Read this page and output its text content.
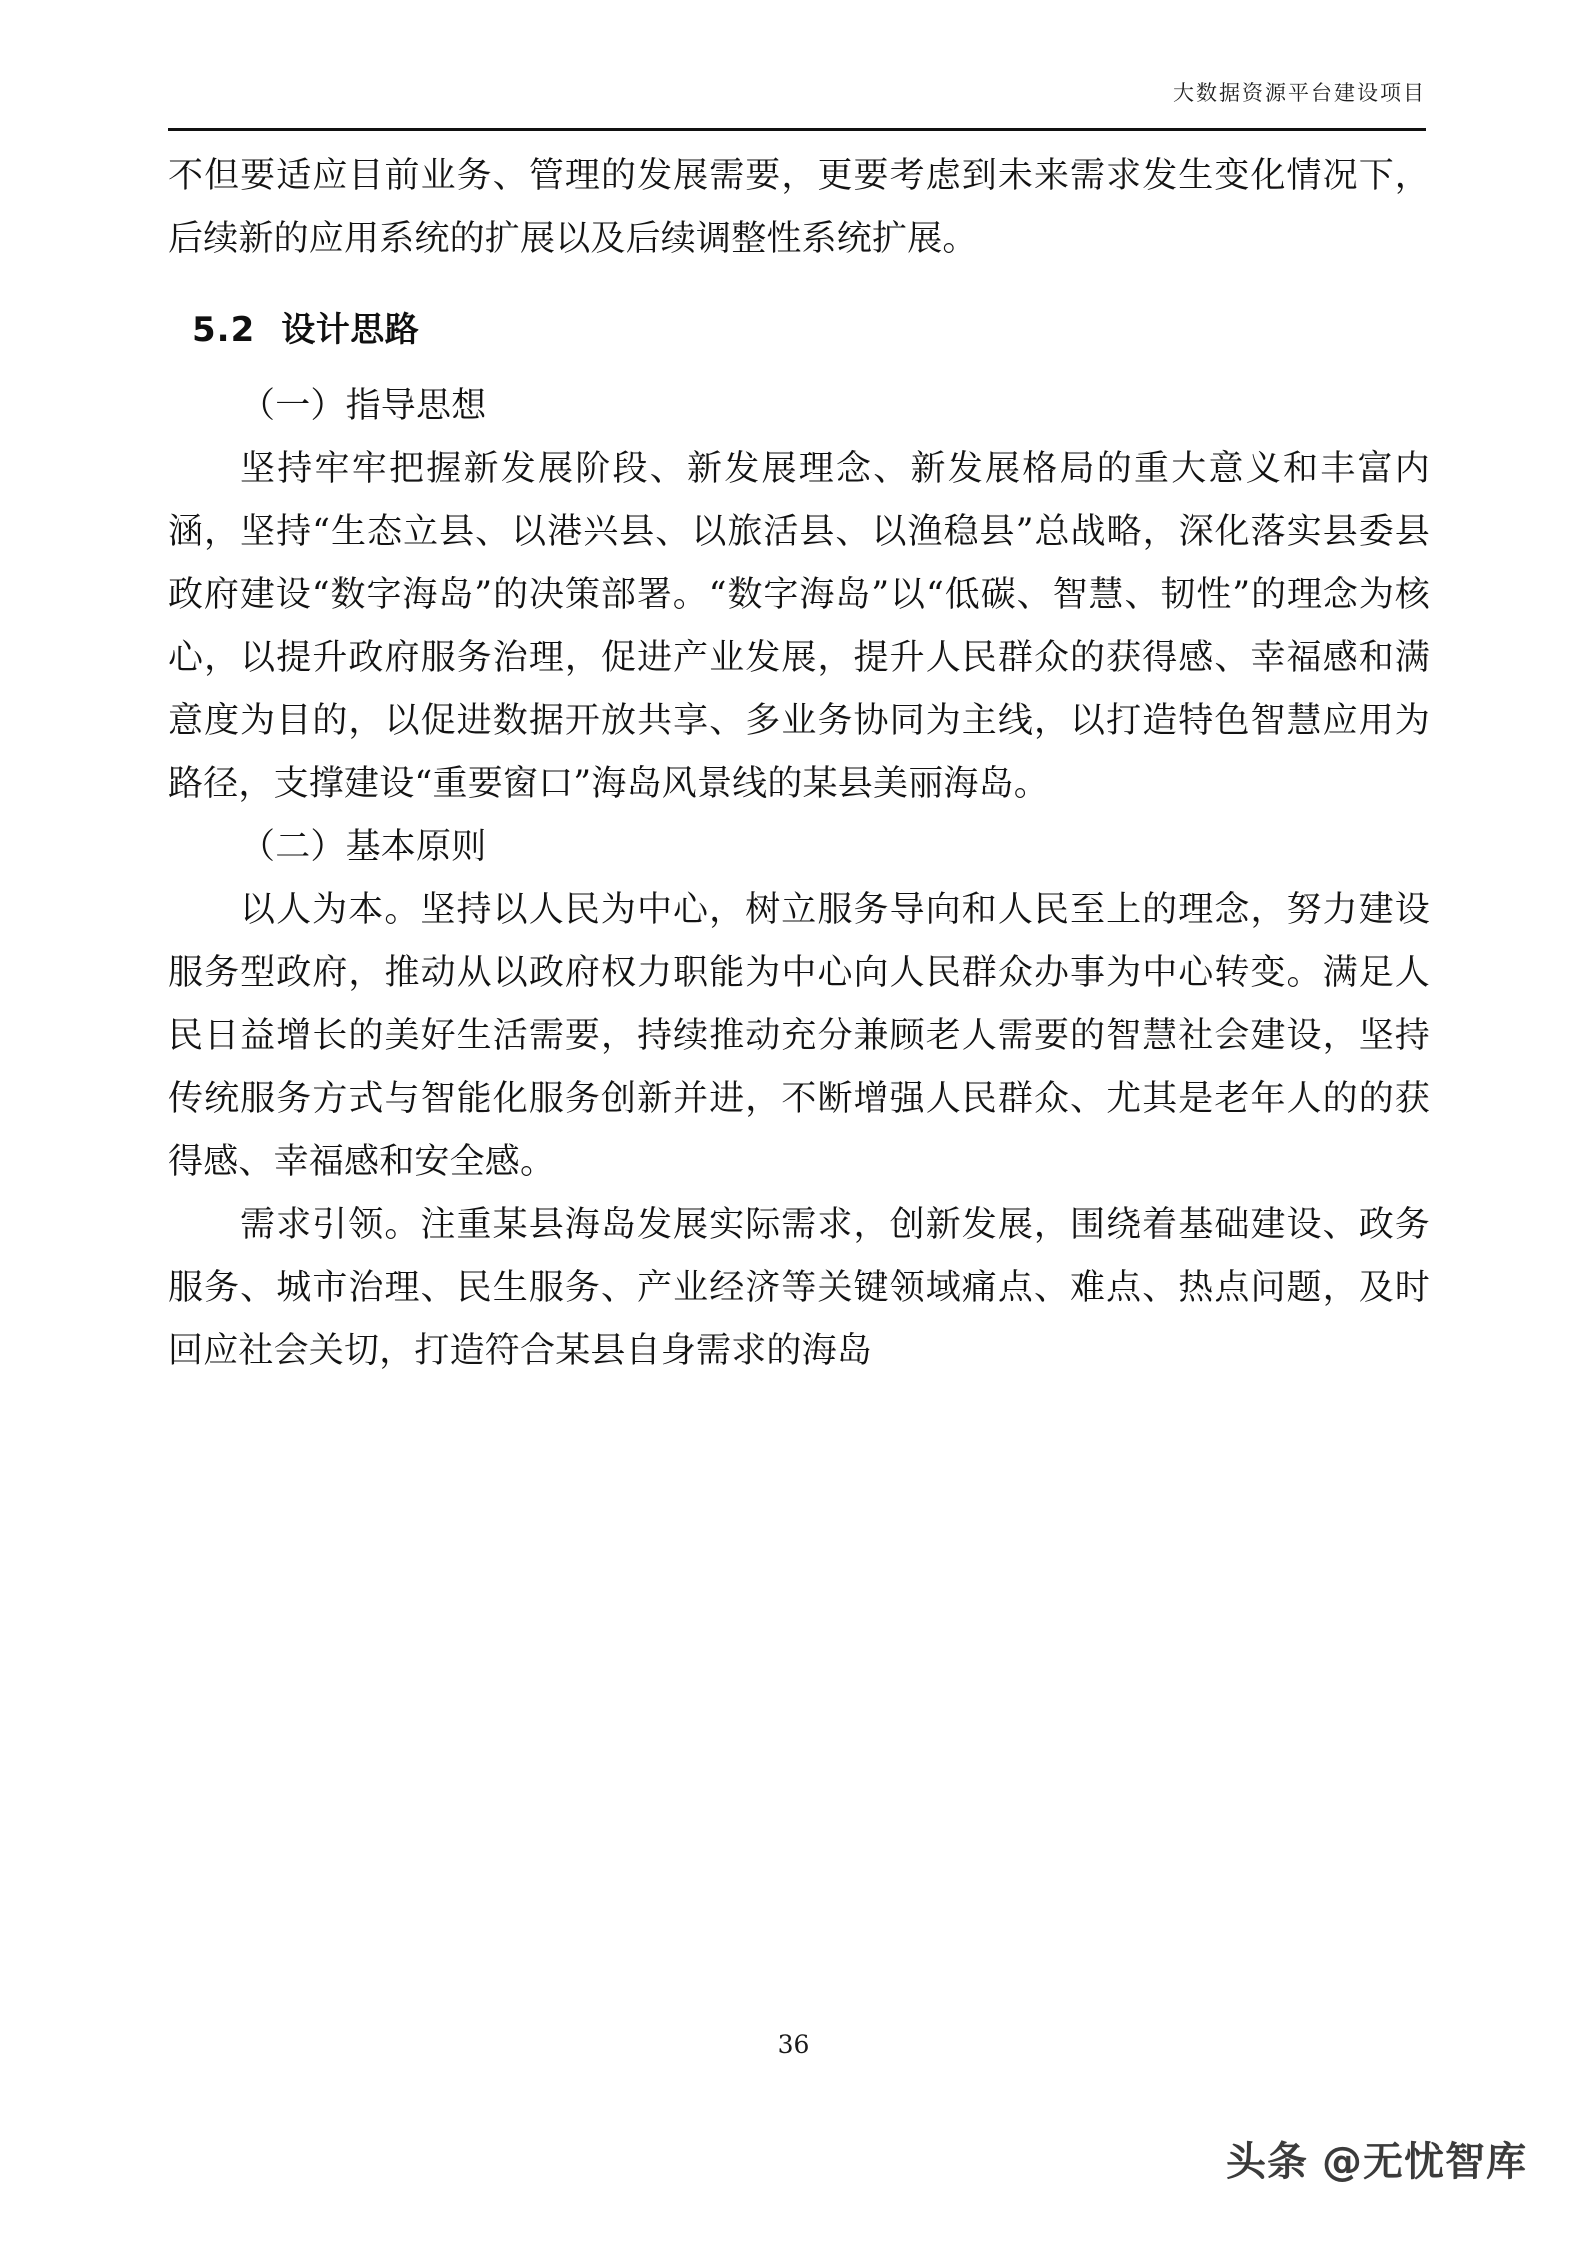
大数据资源平台建设项目

不但要适应目前业务、管理的发展需要，更要考虑到未来需求发生变化情况下，后续新的应用系统的扩展以及后续调整性系统扩展。

5.2 设计思路

（一）指导思想

坚持牢牢把握新发展阶段、新发展理念、新发展格局的重大意义和丰富内涵，坚持“生态立县、以港兴县、以旅活县、以渔稳县”总战略，深化落实县委县政府建设“数字海岛”的决策部署。“数字海岛”以“低碳、智慧、韧性”的理念为核心，以提升政府服务治理，促进产业发展，提升人民群众的获得感、幸福感和满意度为目的，以促进数据开放共享、多业务协同为主线，以打造特色智慧应用为路径，支撑建设“重要窗口”海岛风景线的某县美丽海岛。

（二）基本原则

以人为本。坚持以人民为中心，树立服务导向和人民至上的理念，努力建设服务型政府，推动从以政府权力职能为中心向人民群众办事为中心转变。满足人民日益增长的美好生活需要，持续推动充分兼顾老人需要的智慧社会建设，坚持传统服务方式与智能化服务创新并进，不断增强人民群众、尤其是老年人的的获得感、幸福感和安全感。

需求引领。注重某县海岛发展实际需求，创新发展，围绕着基础建设、政务服务、城市治理、民生服务、产业经济等关键领域痛点、难点、热点问题，及时回应社会关切，打造符合某县自身需求的海岛

36
头条 @无忧智库
